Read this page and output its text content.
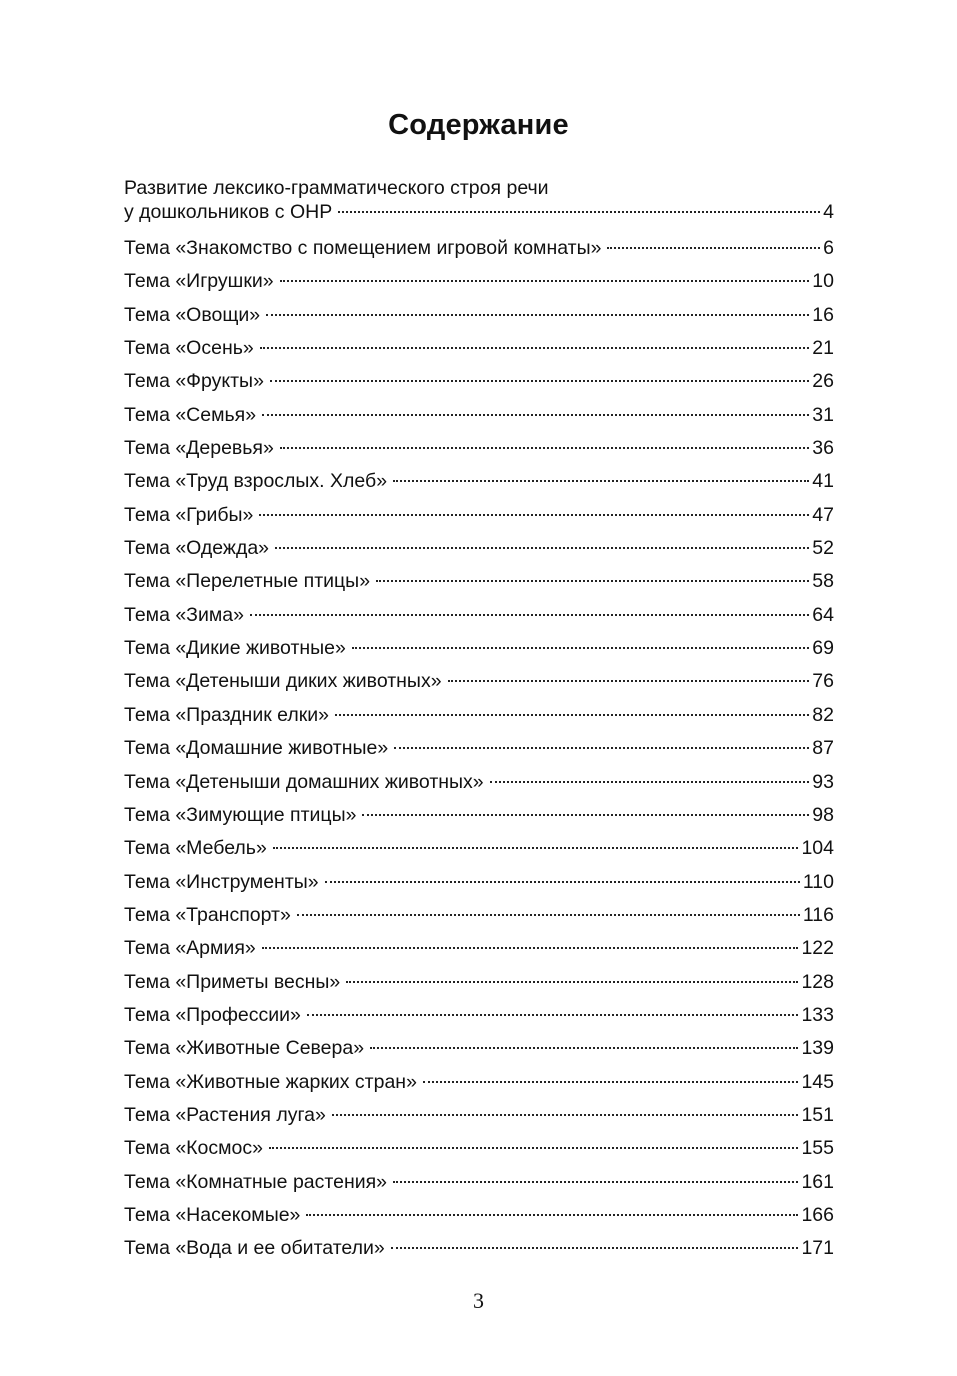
Содержание
Развитие лексико-грамматического строя речи
у дошкольников с ОНР	4
Тема «Знакомство с помещением игровой комнаты»	6
Тема «Игрушки»	10
Тема «Овощи»	16
Тема «Осень»	21
Тема «Фрукты»	26
Тема «Семья»	31
Тема «Деревья»	36
Тема «Труд взрослых. Хлеб»	41
Тема «Грибы»	47
Тема «Одежда»	52
Тема «Перелетные птицы»	58
Тема «Зима»	64
Тема «Дикие животные»	69
Тема «Детеныши диких животных»	76
Тема «Праздник елки»	82
Тема «Домашние животные»	87
Тема «Детеныши домашних животных»	93
Тема «Зимующие птицы»	98
Тема «Мебель»	104
Тема «Инструменты»	110
Тема «Транспорт»	116
Тема «Армия»	122
Тема «Приметы весны»	128
Тема «Профессии»	133
Тема «Животные Севера»	139
Тема «Животные жарких стран»	145
Тема «Растения луга»	151
Тема «Космос»	155
Тема «Комнатные растения»	161
Тема «Насекомые»	166
Тема «Вода и ее обитатели»	171
3
